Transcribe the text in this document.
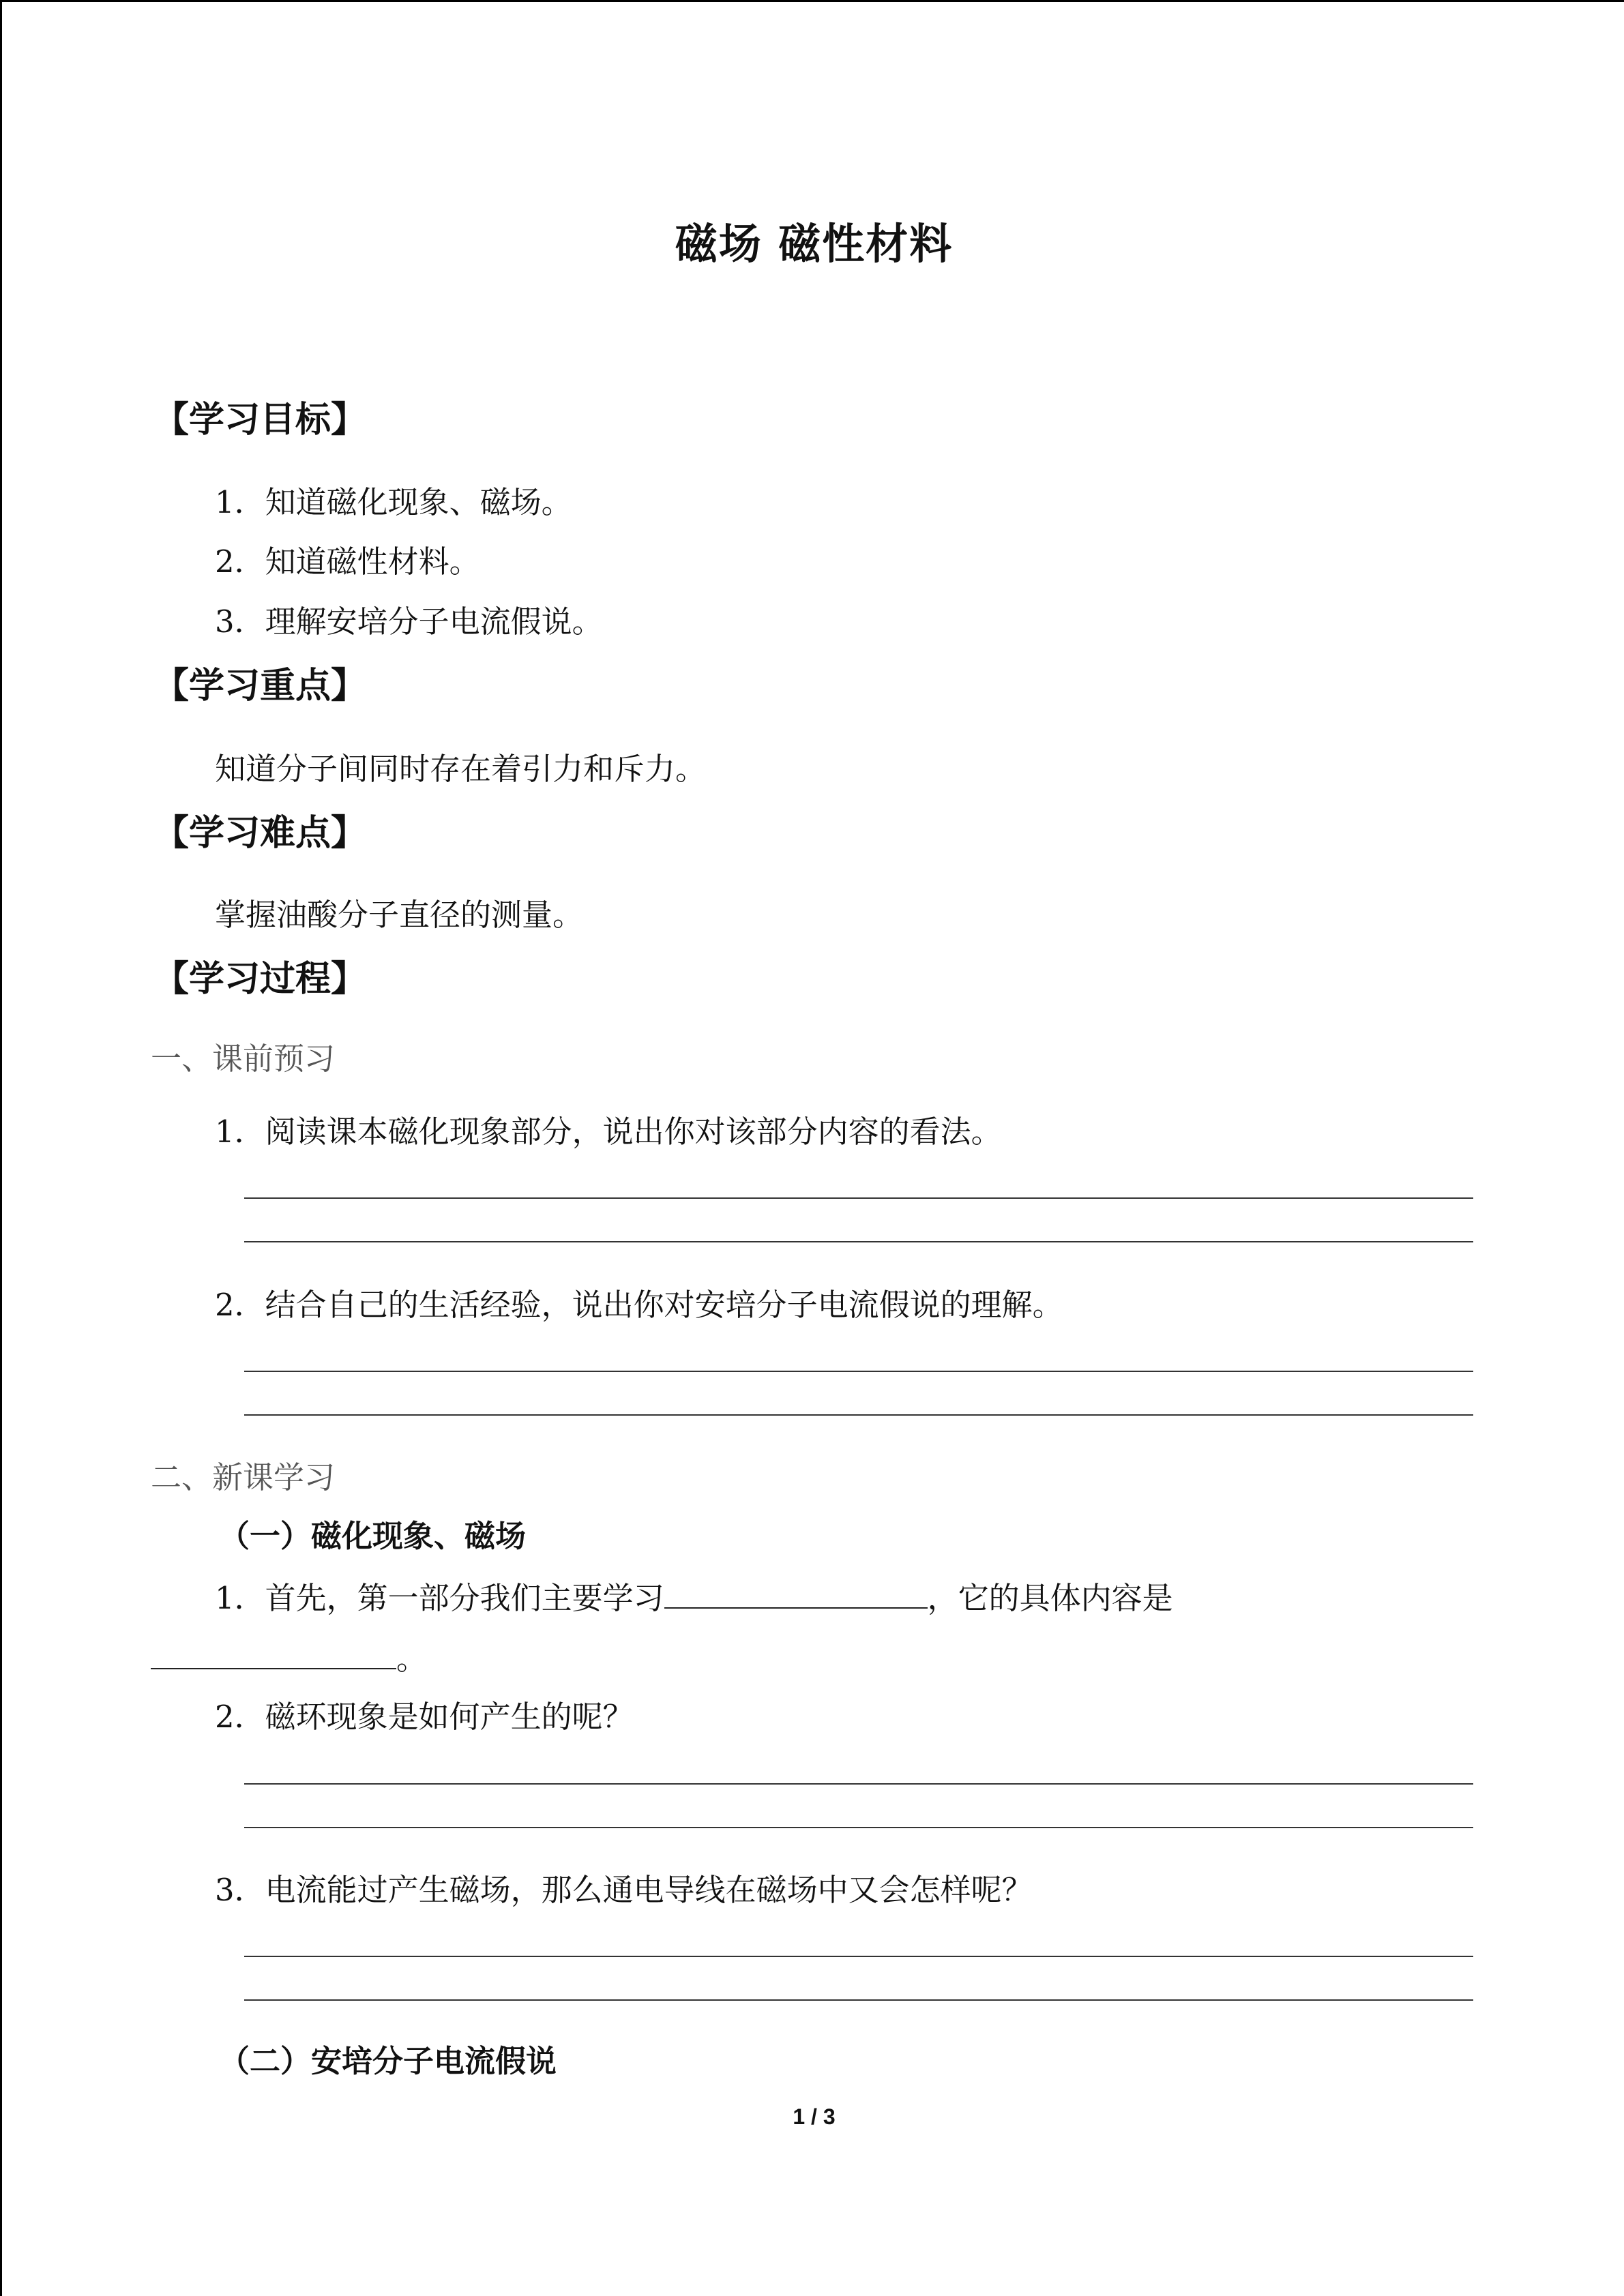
磁场 磁性材料
【学习目标】
1．知道磁化现象、磁场。
2．知道磁性材料。
3．理解安培分子电流假说。
【学习重点】
知道分子间同时存在着引力和斥力。
【学习难点】
掌握油酸分子直径的测量。
【学习过程】
一、课前预习
1．阅读课本磁化现象部分，说出你对该部分内容的看法。
2．结合自己的生活经验，说出你对安培分子电流假说的理解。
二、新课学习
（一）磁化现象、磁场
1．首先，第一部分我们主要学习	，它的具体内容是
。
2．磁环现象是如何产生的呢？
3．电流能过产生磁场，那么通电导线在磁场中又会怎样呢？
（二）安培分子电流假说
1 / 3
